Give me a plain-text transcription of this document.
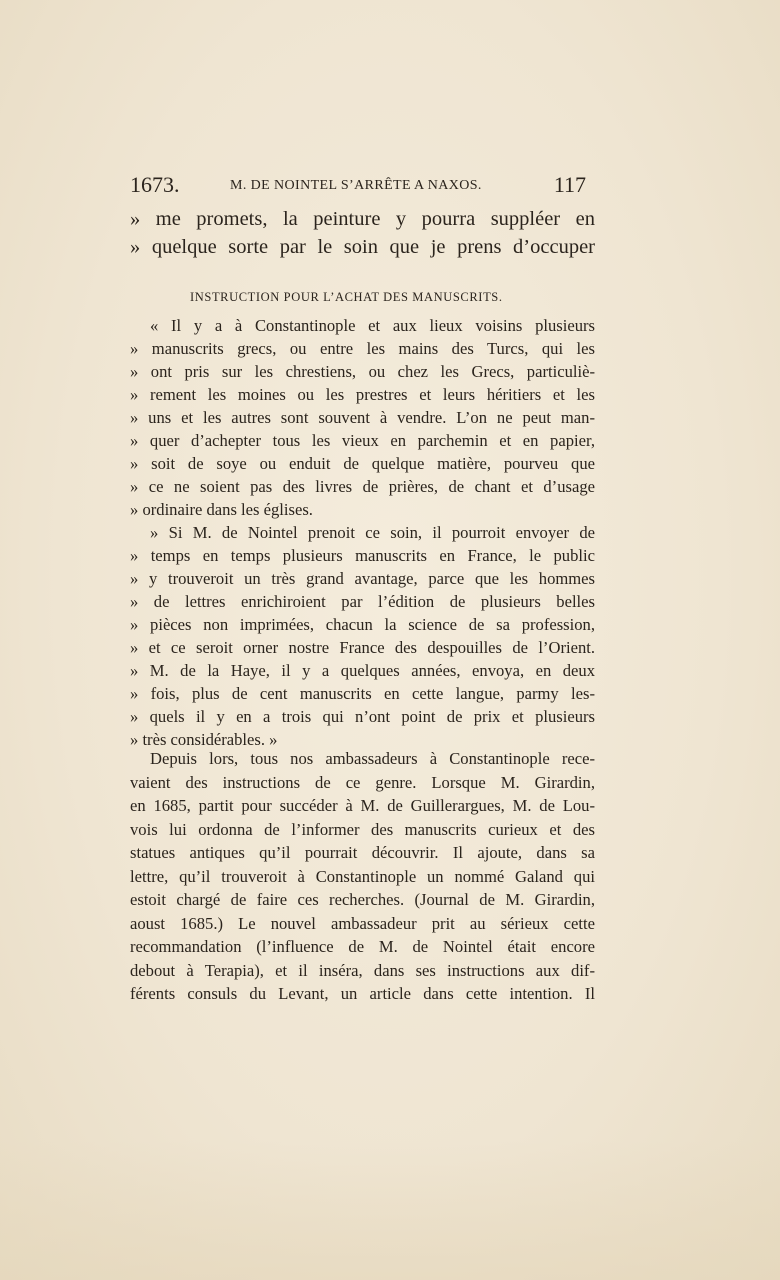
1673.	M. DE NOINTEL S’ARRÊTE A NAXOS.	117
» me promets, la peinture y pourra suppléer en
» quelque sorte par le soin que je prens d’occuper
INSTRUCTION POUR L’ACHAT DES MANUSCRITS.
« Il y a à Constantinople et aux lieux voisins plusieurs
» manuscrits grecs, ou entre les mains des Turcs, qui les
» ont pris sur les chrestiens, ou chez les Grecs, particuliè-
» rement les moines ou les prestres et leurs héritiers et les
» uns et les autres sont souvent à vendre. L’on ne peut man-
» quer d’achepter tous les vieux en parchemin et en papier,
» soit de soye ou enduit de quelque matière, pourveu que
» ce ne soient pas des livres de prières, de chant et d’usage
» ordinaire dans les églises.
» Si M. de Nointel prenoit ce soin, il pourroit envoyer de
» temps en temps plusieurs manuscrits en France, le public
» y trouveroit un très grand avantage, parce que les hommes
» de lettres enrichiroient par l’édition de plusieurs belles
» pièces non imprimées, chacun la science de sa profession,
» et ce seroit orner nostre France des despouilles de l’Orient.
» M. de la Haye, il y a quelques années, envoya, en deux
» fois, plus de cent manuscrits en cette langue, parmy les-
» quels il y en a trois qui n’ont point de prix et plusieurs
» très considérables. »
Depuis lors, tous nos ambassadeurs à Constantinople rece-
vaient des instructions de ce genre. Lorsque M. Girardin,
en 1685, partit pour succéder à M. de Guillerargues, M. de Lou-
vois lui ordonna de l’informer des manuscrits curieux et des
statues antiques qu’il pourrait découvrir. Il ajoute, dans sa
lettre, qu’il trouveroit à Constantinople un nommé Galand qui
estoit chargé de faire ces recherches. (Journal de M. Girardin,
aoust 1685.) Le nouvel ambassadeur prit au sérieux cette
recommandation (l’influence de M. de Nointel était encore
debout à Terapia), et il inséra, dans ses instructions aux dif-
férents consuls du Levant, un article dans cette intention. Il
